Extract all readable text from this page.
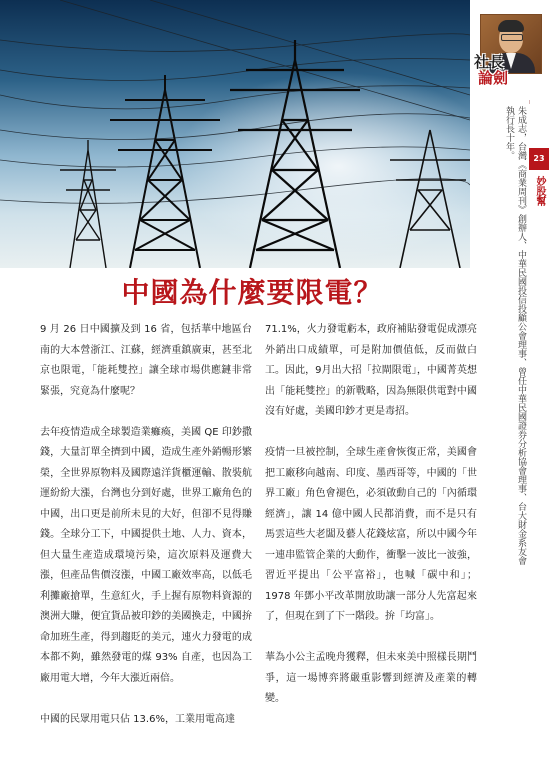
社長
論劍
23
妙股幫
朱成志，台灣《商業周刊》創辦人、中華民國投信投顧公會理事、曾任中華民國證券分析協會理事、台大財金系友會執行長十年。
中國為什麼要限電？

9 月 26 日中國擴及到 16 省，包括華中地區台南的大本營浙江、江蘇，經濟重鎮廣東，甚至北京也限電，「能耗雙控」讓全球市場供應鏈非常緊張，究竟為什麼呢？

去年疫情造成全球製造業癱瘓，美國 QE 印鈔撒錢，大量訂單全擠到中國，造成生產外銷暢形繁榮，全世界原物料及國際遠洋貨櫃運輸、散裝航運紛紛大漲，台灣也分到好處，世界工廠角色的中國，出口更是前所未見的大好，但卻不見得賺錢。全球分工下，中國提供土地、人力、資本，但大量生產造成環境污染，這次原料及運費大漲，但產品售價沒漲，中國工廠效率高，以低毛利攤廠搶單，生意紅火，手上握有原物料資源的澳洲大賺，便宜貨品被印鈔的美國換走，中國拚命加班生產，得到趨貶的美元，連火力發電的成本都不夠，雖然發電的煤 93% 自產，也因為工廠用電大增，今年大漲近兩倍。

中國的民眾用電只佔 13.6%，工業用電高達

71.1%，火力發電虧本，政府補貼發電促成漂亮外銷出口成績單，可是附加價值低，反而做白工。因此，9月出大招「拉閘限電」，中國菁英想出「能耗雙控」的新戰略，因為無限供電對中國沒有好處，美國印鈔才更是毒招。

疫情一旦被控制，全球生產會恢復正常，美國會把工廠移向越南、印度、墨西哥等，中國的「世界工廠」角色會褪色，必須啟動自己的「內循環經濟」，讓 14 億中國人民都消費，而不是只有馬雲這些大老闆及藝人花錢炫富，所以中國今年一連串監管企業的大動作，衝擊一波比一波強，習近平提出「公平富裕」，也喊「碳中和」；1978 年鄧小平改革開放助讓一部分人先富起來了，但現在到了下一階段。拚「均富」。

華為小公主孟晚舟獲釋，但未來美中照樣長期鬥爭，這一場博弈將嚴重影響到經濟及產業的轉變。
